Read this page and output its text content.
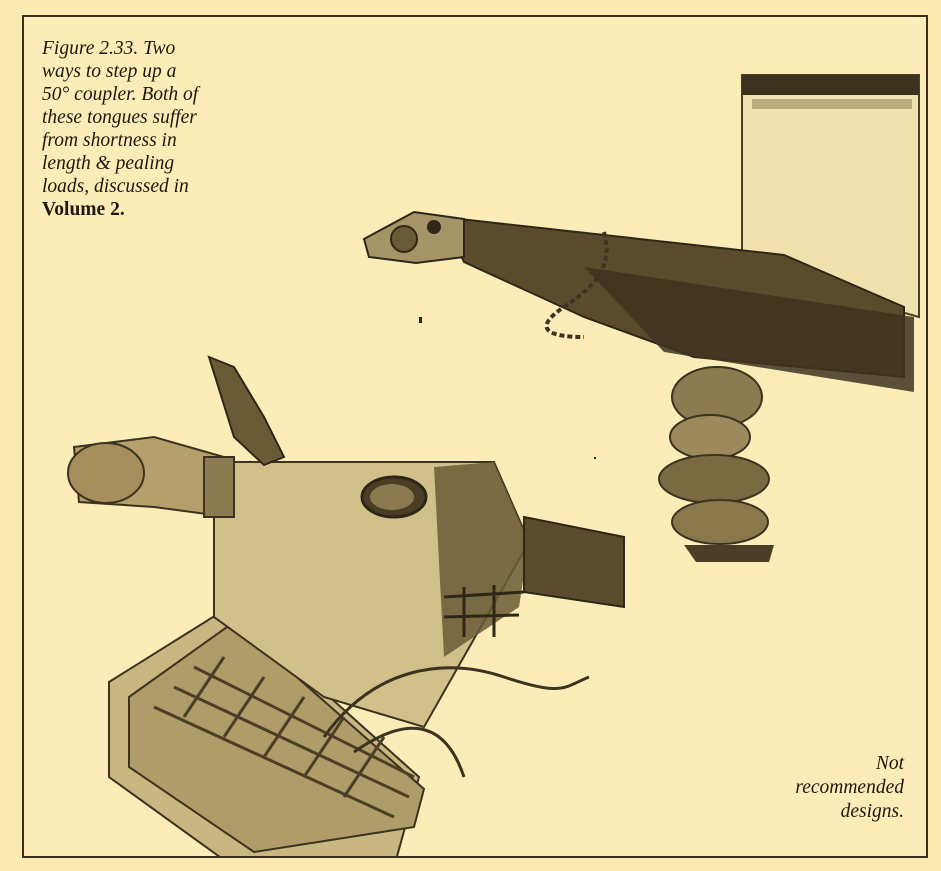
Figure 2.33. Two
ways to step up a
50° coupler. Both of
these tongues suffer
from shortness in
length & pealing
loads, discussed in
Volume 2.
Not
recommended
designs.
